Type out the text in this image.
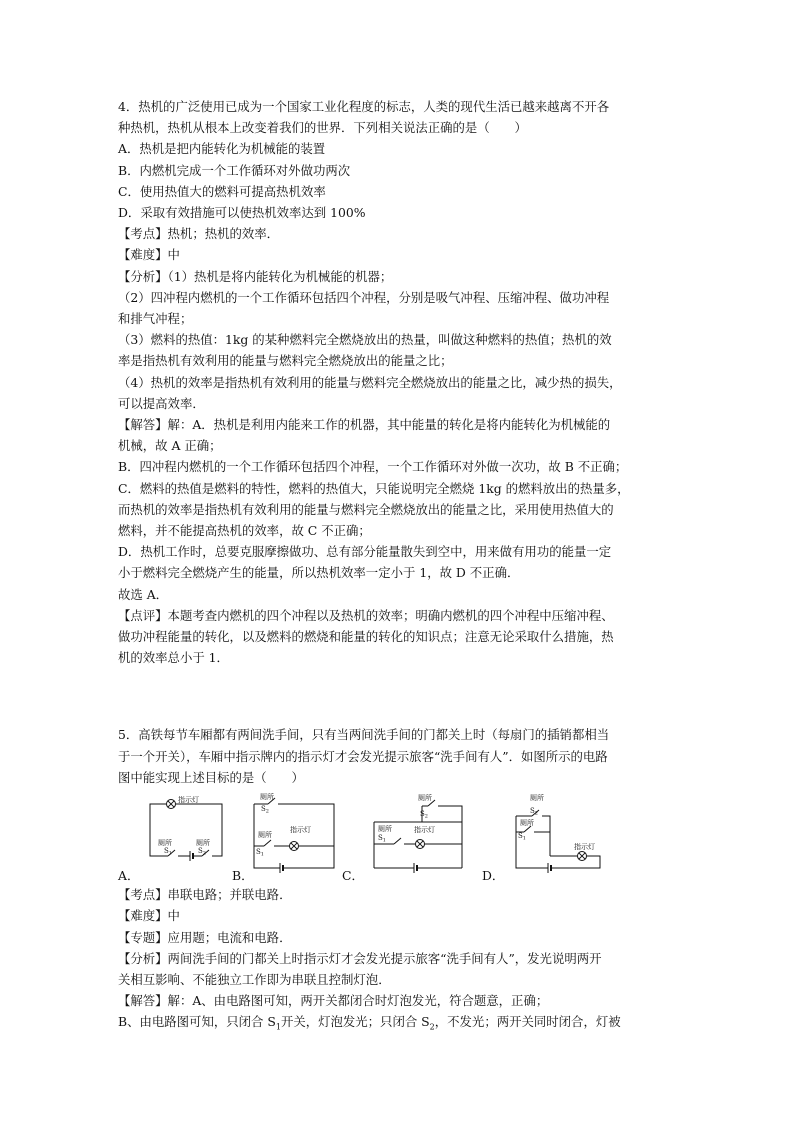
4．热机的广泛使用已成为一个国家工业化程度的标志，人类的现代生活已越来越离不开各
种热机，热机从根本上改变着我们的世界．下列相关说法正确的是（　　）
A．热机是把内能转化为机械能的装置
B．内燃机完成一个工作循环对外做功两次
C．使用热值大的燃料可提高热机效率
D．采取有效措施可以使热机效率达到 100%
【考点】热机；热机的效率．
【难度】中
【分析】（1）热机是将内能转化为机械能的机器；
（2）四冲程内燃机的一个工作循环包括四个冲程，分别是吸气冲程、压缩冲程、做功冲程
和排气冲程；
（3）燃料的热值：1kg 的某种燃料完全燃烧放出的热量，叫做这种燃料的热值；热机的效
率是指热机有效利用的能量与燃料完全燃烧放出的能量之比；
（4）热机的效率是指热机有效利用的能量与燃料完全燃烧放出的能量之比，减少热的损失，
可以提高效率．
【解答】解：A．热机是利用内能来工作的机器，其中能量的转化是将内能转化为机械能的
机械，故 A 正确；
B．四冲程内燃机的一个工作循环包括四个冲程，一个工作循环对外做一次功，故 B 不正确；
C．燃料的热值是燃料的特性，燃料的热值大，只能说明完全燃烧 1kg 的燃料放出的热量多，
而热机的效率是指热机有效利用的能量与燃料完全燃烧放出的能量之比，采用使用热值大的
燃料，并不能提高热机的效率，故 C 不正确；
D．热机工作时，总要克服摩擦做功、总有部分能量散失到空中，用来做有用功的能量一定
小于燃料完全燃烧产生的能量，所以热机效率一定小于 1，故 D 不正确．
故选 A．
【点评】本题考查内燃机的四个冲程以及热机的效率；明确内燃机的四个冲程中压缩冲程、
做功冲程能量的转化，以及燃料的燃烧和能量的转化的知识点；注意无论采取什么措施，热
机的效率总小于 1．
5．高铁每节车厢都有两间洗手间，只有当两间洗手间的门都关上时（每扇门的插销都相当
于一个开关），车厢中指示牌内的指示灯才会发光提示旅客“洗手间有人”．如图所示的电路
图中能实现上述目标的是（　　）
指示灯
厕所	厕所
$S_1$	$S_2$
A．
厕所
$S_2$
指示灯
厕所
$S_1$
B．
厕所
$S_2$
厕所
$S_1$
指示灯
C．
厕所
$S_2$
厕所
$S_1$
指示灯
D．
【考点】串联电路；并联电路．
【难度】中
【专题】应用题；电流和电路．
【分析】两间洗手间的门都关上时指示灯才会发光提示旅客“洗手间有人”，发光说明两开
关相互影响、不能独立工作即为串联且控制灯泡．
【解答】解：A、由电路图可知，两开关都闭合时灯泡发光，符合题意，正确；
B、由电路图可知，只闭合 $S_1$开关，灯泡发光；只闭合 $S_2$，不发光；两开关同时闭合，灯被
